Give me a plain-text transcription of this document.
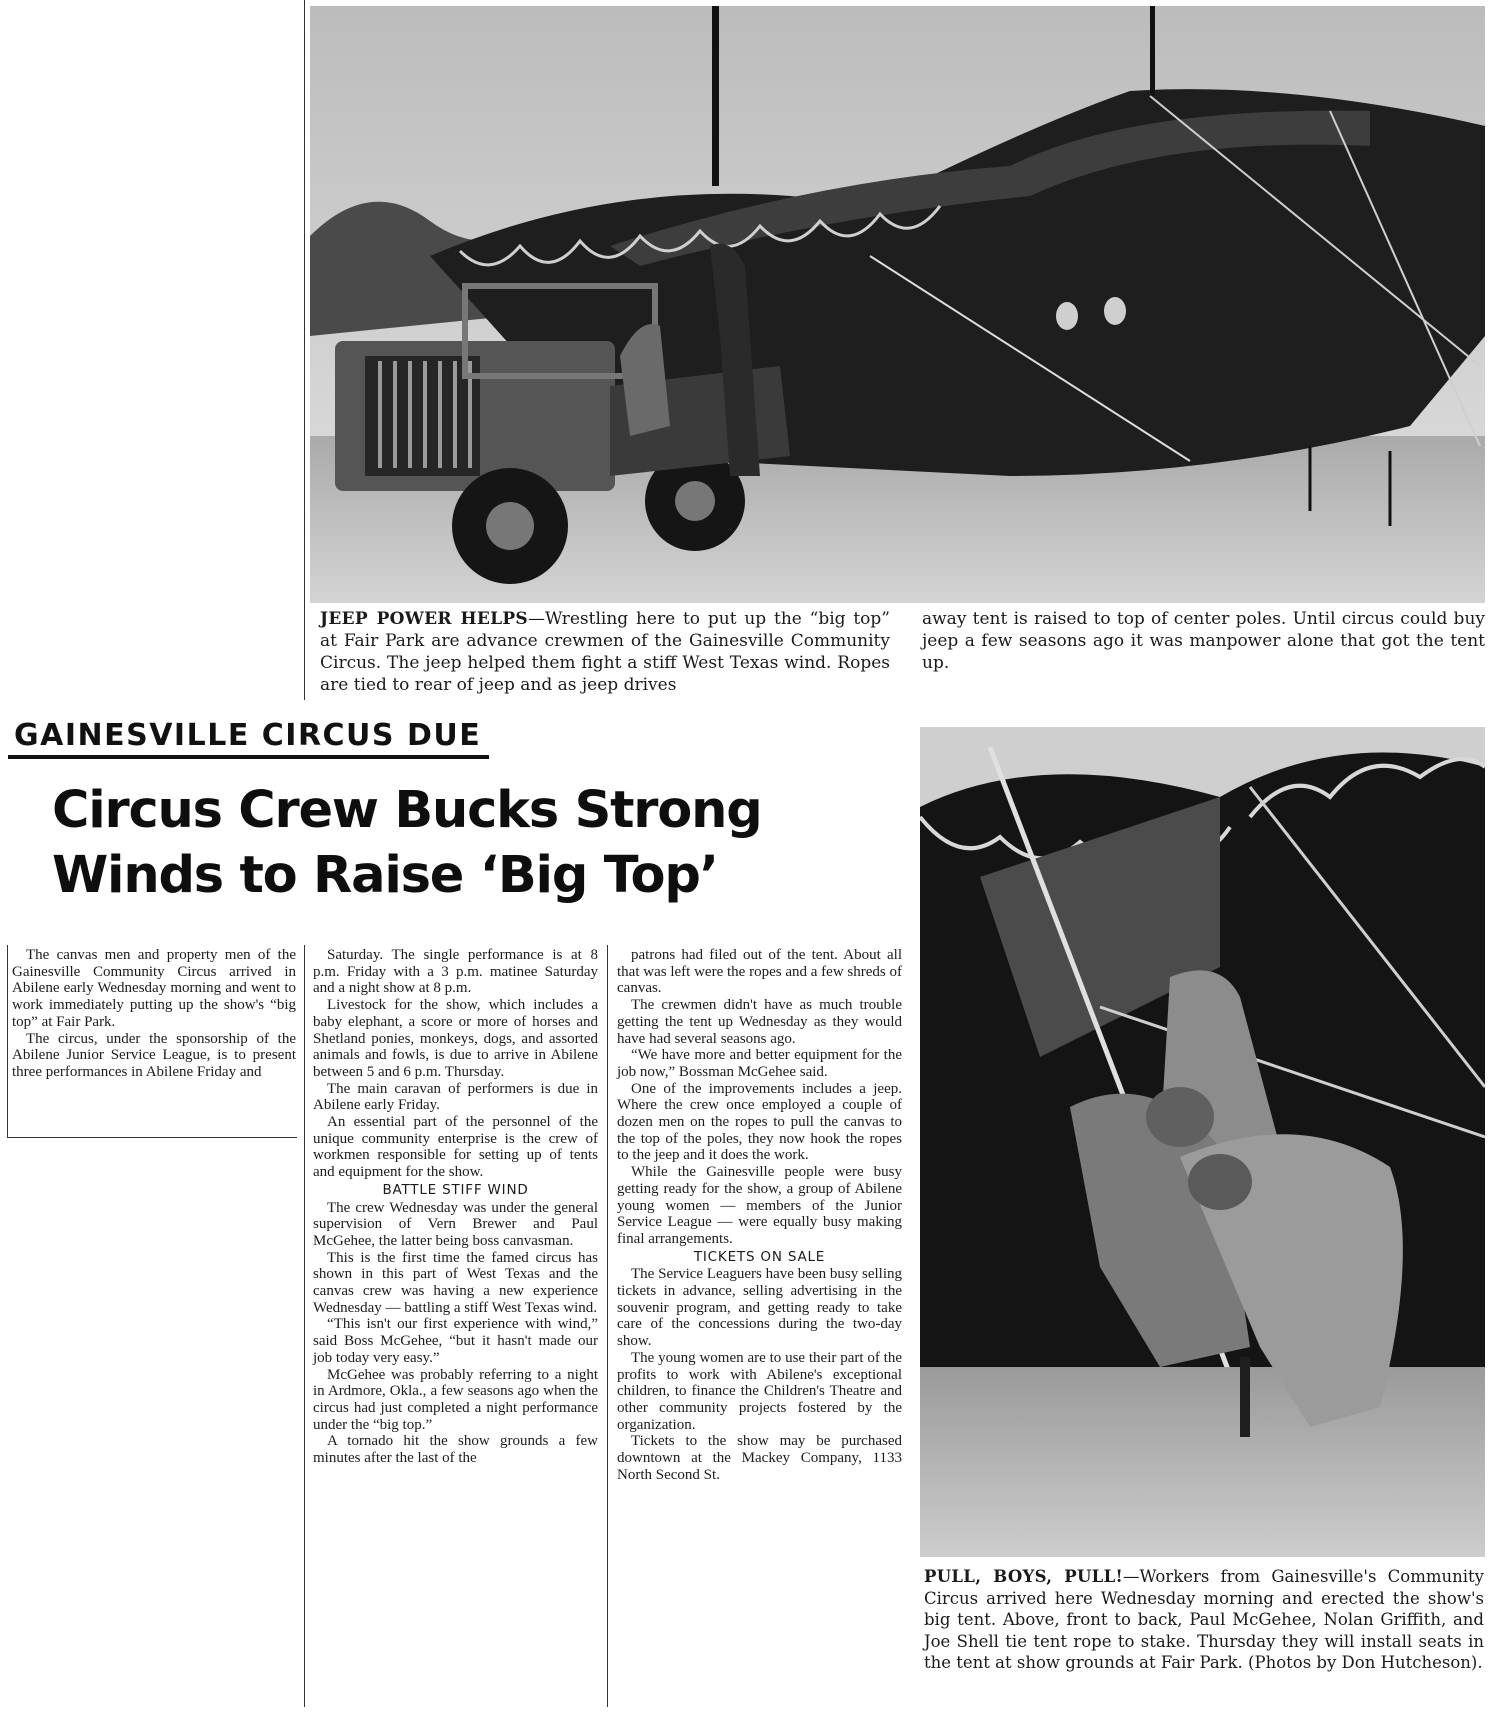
JEEP POWER HELPS—Wrestling here to put up the “big top” at Fair Park are advance crewmen of the Gainesville Community Circus. The jeep helped them fight a stiff West Texas wind. Ropes are tied to rear of jeep and as jeep drives
away tent is raised to top of center poles. Until circus could buy jeep a few seasons ago it was manpower alone that got the tent up.
GAINESVILLE CIRCUS DUE
Circus Crew Bucks Strong
Winds to Raise ‘Big Top’

The canvas men and property men of the Gainesville Community Circus arrived in Abilene early Wednesday morning and went to work immediately putting up the show's “big top” at Fair Park.

The circus, under the sponsorship of the Abilene Junior Service League, is to present three performances in Abilene Friday and

Saturday. The single performance is at 8 p.m. Friday with a 3 p.m. matinee Saturday and a night show at 8 p.m.

Livestock for the show, which includes a baby elephant, a score or more of horses and Shetland ponies, monkeys, dogs, and assorted animals and fowls, is due to arrive in Abilene between 5 and 6 p.m. Thursday.

The main caravan of performers is due in Abilene early Friday.

An essential part of the personnel of the unique community enterprise is the crew of workmen responsible for setting up of tents and equipment for the show.

BATTLE STIFF WIND

The crew Wednesday was under the general supervision of Vern Brewer and Paul McGehee, the latter being boss canvasman.

This is the first time the famed circus has shown in this part of West Texas and the canvas crew was having a new experience Wednesday — battling a stiff West Texas wind.

“This isn't our first experience with wind,” said Boss McGehee, “but it hasn't made our job today very easy.”

McGehee was probably referring to a night in Ardmore, Okla., a few seasons ago when the circus had just completed a night performance under the “big top.”

A tornado hit the show grounds a few minutes after the last of the

patrons had filed out of the tent. About all that was left were the ropes and a few shreds of canvas.

The crewmen didn't have as much trouble getting the tent up Wednesday as they would have had several seasons ago.

“We have more and better equipment for the job now,” Bossman McGehee said.

One of the improvements includes a jeep. Where the crew once employed a couple of dozen men on the ropes to pull the canvas to the top of the poles, they now hook the ropes to the jeep and it does the work.

While the Gainesville people were busy getting ready for the show, a group of Abilene young women — members of the Junior Service League — were equally busy making final arrangements.

TICKETS ON SALE

The Service Leaguers have been busy selling tickets in advance, selling advertising in the souvenir program, and getting ready to take care of the concessions during the two-day show.

The young women are to use their part of the profits to work with Abilene's exceptional children, to finance the Children's Theatre and other community projects fostered by the organization.

Tickets to the show may be purchased downtown at the Mackey Company, 1133 North Second St.

PULL, BOYS, PULL!—Workers from Gainesville's Community Circus arrived here Wednesday morning and erected the show's big tent. Above, front to back, Paul McGehee, Nolan Griffith, and Joe Shell tie tent rope to stake. Thursday they will install seats in the tent at show grounds at Fair Park. (Photos by Don Hutcheson).
